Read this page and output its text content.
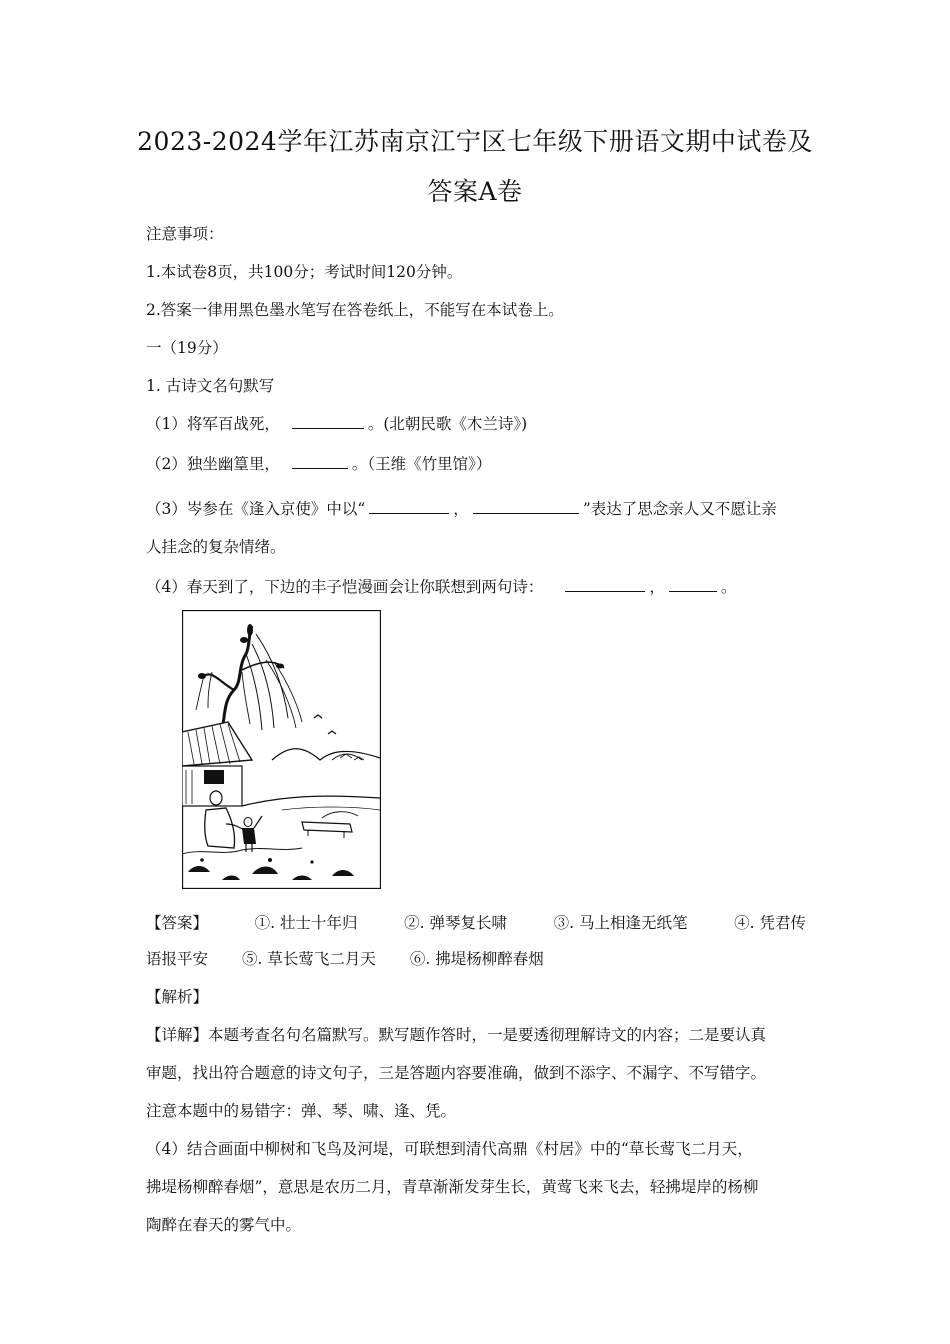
2023-2024学年江苏南京江宁区七年级下册语文期中试卷及
答案A卷

注意事项：

1.本试卷8页，共100分；考试时间120分钟。

2.答案一律用黑色墨水笔写在答卷纸上，不能写在本试卷上。

一（19分）

1. 古诗文名句默写

（1）将军百战死，	。(北朝民歌《木兰诗》)

（2）独坐幽篁里，	。（王维《竹里馆》）

（3）岑参在《逢入京使》中以“	，	”表达了思念亲人又不愿让亲

人挂念的复杂情绪。

（4）春天到了，下边的丰子恺漫画会让你联想到两句诗：	，	。

【答案】	①. 壮士十年归	②. 弹琴复长啸	③. 马上相逢无纸笔	④. 凭君传

语报平安 ⑤. 草长莺飞二月天 ⑥. 拂堤杨柳醉春烟

【解析】

【详解】本题考查名句名篇默写。默写题作答时，一是要透彻理解诗文的内容；二是要认真

审题，找出符合题意的诗文句子，三是答题内容要准确，做到不添字、不漏字、不写错字。

注意本题中的易错字：弹、琴、啸、逢、凭。

（4）结合画面中柳树和飞鸟及河堤，可联想到清代高鼎《村居》中的“草长莺飞二月天，

拂堤杨柳醉春烟”，意思是农历二月，青草渐渐发芽生长，黄莺飞来飞去，轻拂堤岸的杨柳

陶醉在春天的雾气中。
